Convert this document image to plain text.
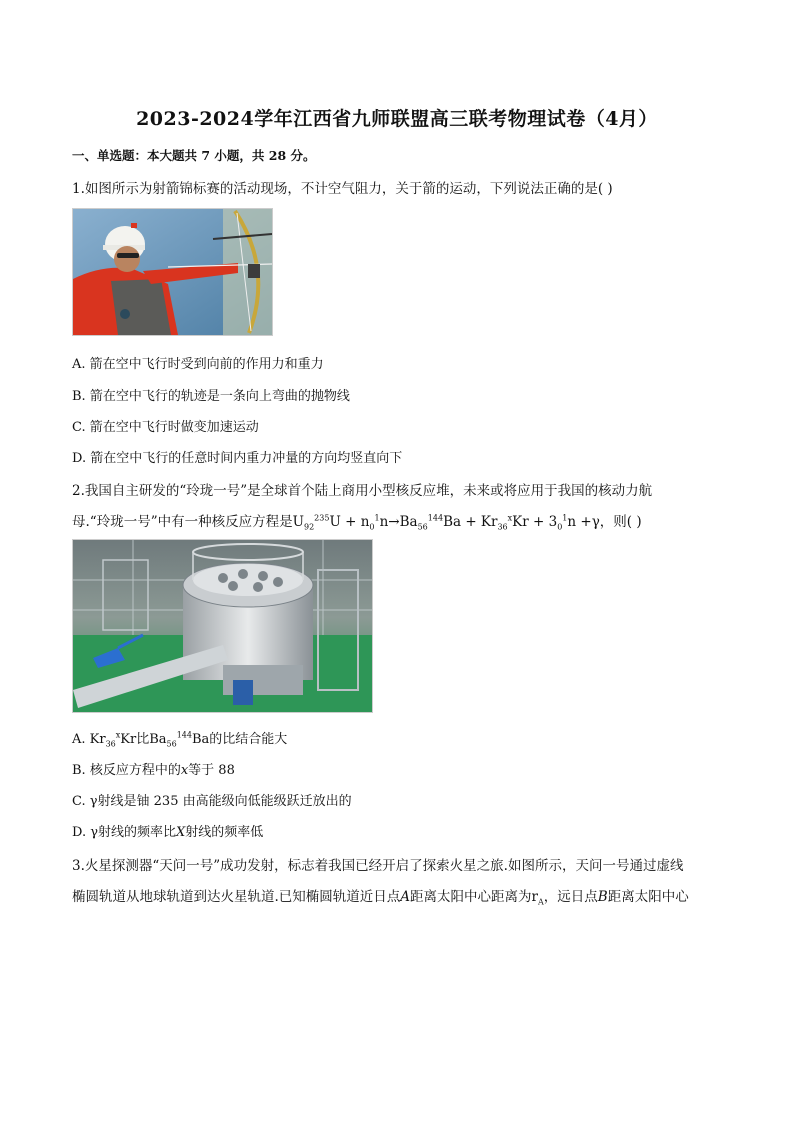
2023-2024学年江西省九师联盟高三联考物理试卷（4月）
一、单选题：本大题共 7 小题，共 28 分。
1.如图所示为射箭锦标赛的活动现场，不计空气阻力，关于箭的运动，下列说法正确的是( )
A. 箭在空中飞行时受到向前的作用力和重力
B. 箭在空中飞行的轨迹是一条向上弯曲的抛物线
C. 箭在空中飞行时做变加速运动
D. 箭在空中飞行的任意时间内重力冲量的方向均竖直向下
2.我国自主研发的“玲珑一号”是全球首个陆上商用小型核反应堆，未来或将应用于我国的核动力航
母.“玲珑一号”中有一种核反应方程是$U_{92}^{235}U + n_0^1n\to Ba_{56}^{144}Ba + Kr_{36}^xKr + 3_0^1n +\gamma$，则( )
A. $Kr_{36}^xKr$比$Ba_{56}^{144}Ba$的比结合能大
B. 核反应方程中的x等于 88
C. γ射线是铀 235 由高能级向低能级跃迁放出的
D. γ射线的频率比X射线的频率低
3.火星探测器“天问一号”成功发射，标志着我国已经开启了探索火星之旅.如图所示，天问一号通过虚线
椭圆轨道从地球轨道到达火星轨道.已知椭圆轨道近日点A距离太阳中心距离为$r_A$，远日点B距离太阳中心
